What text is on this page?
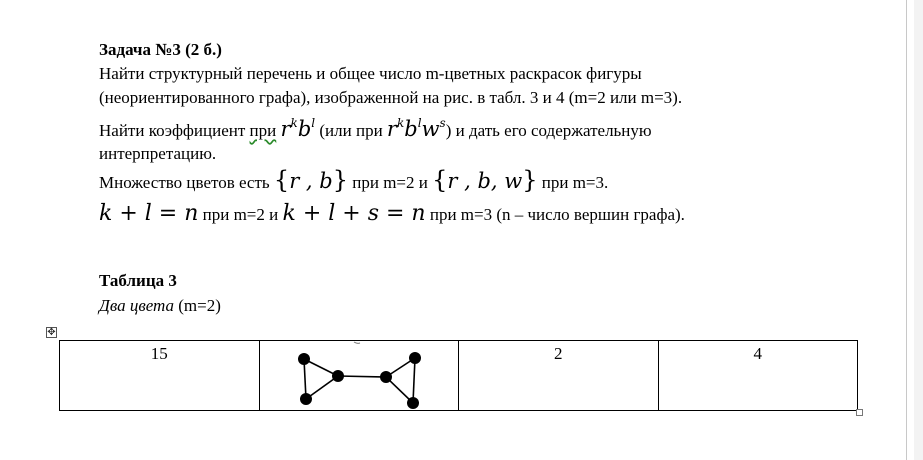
Задача №3 (2 б.)
Найти структурный перечень и общее число m-цветных раскрасок фигуры
(неориентированного графа), изображенной на рис. в табл. 3 и 4 (m=2 или m=3).
Найти коэффициент при $r^kb^l$ (или при $r^kb^lw^s$) и дать его содержательную
интерпретацию.
Множество цветов есть {r , b} при m=2 и {r , b, w} при m=3.
k + l = n при m=2 и k + l + s = n при m=3 (n – число вершин графа).
Таблица 3
Два цвета (m=2)
✥
15		2	4
